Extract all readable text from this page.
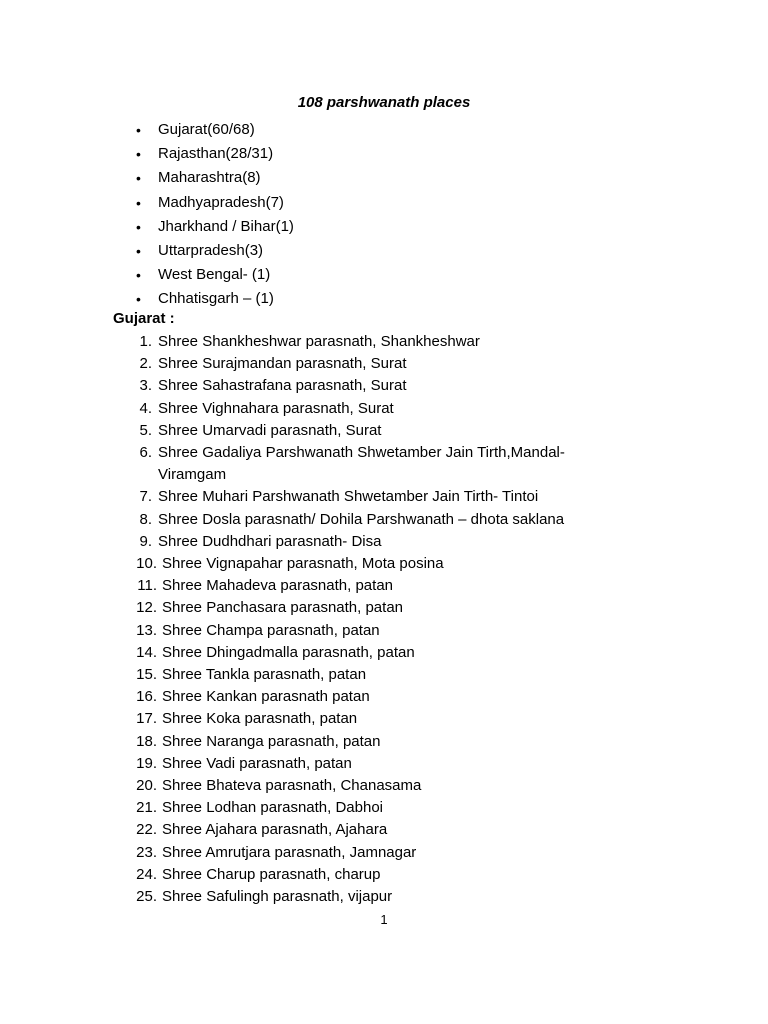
108 parshwanath places
• Gujarat(60/68)
• Rajasthan(28/31)
• Maharashtra(8)
• Madhyapradesh(7)
• Jharkhand / Bihar(1)
• Uttarpradesh(3)
• West Bengal- (1)
• Chhatisgarh – (1)
Gujarat :
1. Shree Shankheshwar parasnath, Shankheshwar
2. Shree Surajmandan parasnath, Surat
3. Shree Sahastrafana parasnath, Surat
4. Shree Vighnahara parasnath, Surat
5. Shree Umarvadi parasnath, Surat
6. Shree Gadaliya Parshwanath Shwetamber Jain Tirth,Mandal-Viramgam
7. Shree Muhari Parshwanath Shwetamber Jain Tirth- Tintoi
8. Shree Dosla parasnath/ Dohila Parshwanath – dhota saklana
9. Shree Dudhdhari parasnath- Disa
10. Shree Vignapahar parasnath, Mota posina
11. Shree Mahadeva parasnath, patan
12. Shree Panchasara parasnath, patan
13. Shree Champa parasnath, patan
14. Shree Dhingadmalla parasnath, patan
15. Shree Tankla parasnath, patan
16. Shree Kankan parasnath patan
17. Shree Koka parasnath, patan
18. Shree Naranga parasnath, patan
19. Shree Vadi parasnath, patan
20. Shree Bhateva parasnath, Chanasama
21. Shree Lodhan parasnath, Dabhoi
22. Shree Ajahara parasnath, Ajahara
23. Shree Amrutjara parasnath, Jamnagar
24. Shree Charup parasnath, charup
25. Shree Safulingh parasnath, vijapur
1
